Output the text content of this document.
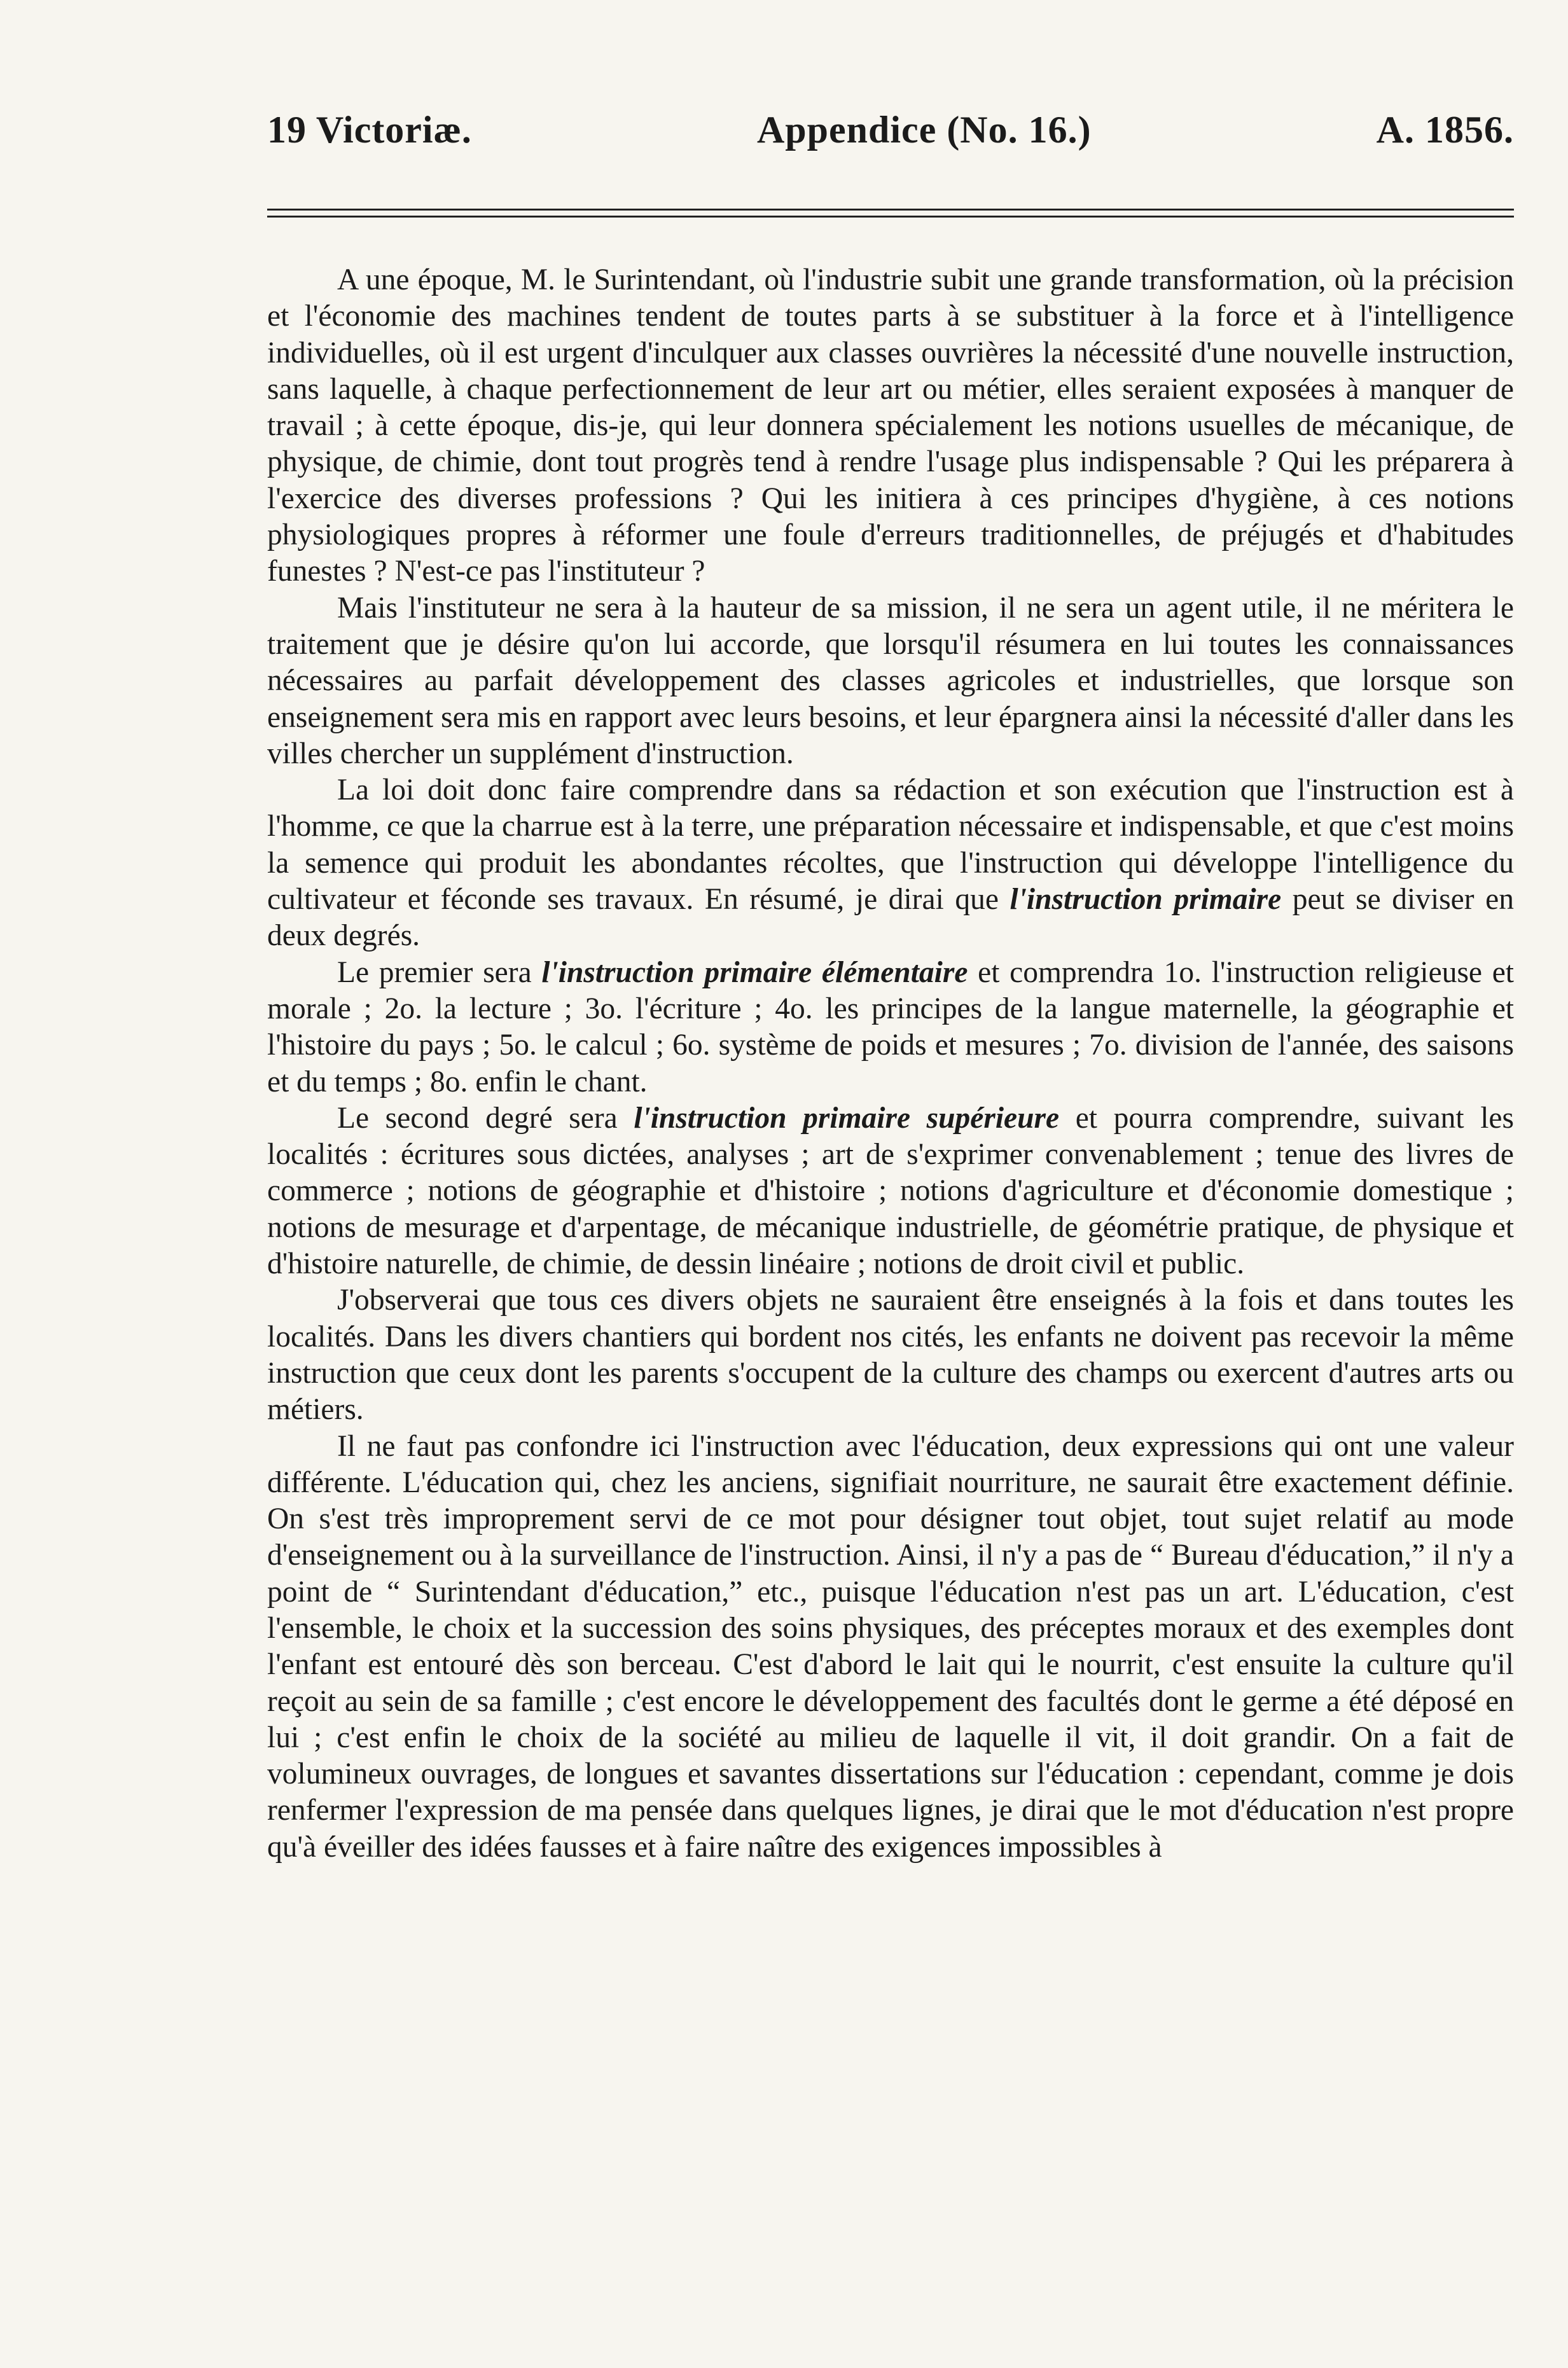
19 Victoriæ.	Appendice (No. 16.)	A. 1856.

A une époque, M. le Surintendant, où l'industrie subit une grande transformation, où la précision et l'économie des machines tendent de toutes parts à se substituer à la force et à l'intelligence individuelles, où il est urgent d'inculquer aux classes ouvrières la nécessité d'une nouvelle instruction, sans laquelle, à chaque perfectionnement de leur art ou métier, elles seraient exposées à manquer de travail ; à cette époque, dis-je, qui leur donnera spécialement les notions usuelles de mécanique, de physique, de chimie, dont tout progrès tend à rendre l'usage plus indispensable ? Qui les préparera à l'exercice des diverses professions ? Qui les initiera à ces principes d'hygiène, à ces notions physiologiques propres à réformer une foule d'erreurs traditionnelles, de préjugés et d'habitudes funestes ? N'est-ce pas l'instituteur ?

Mais l'instituteur ne sera à la hauteur de sa mission, il ne sera un agent utile, il ne méritera le traitement que je désire qu'on lui accorde, que lorsqu'il résumera en lui toutes les connaissances nécessaires au parfait développement des classes agricoles et industrielles, que lorsque son enseignement sera mis en rapport avec leurs besoins, et leur épargnera ainsi la nécessité d'aller dans les villes chercher un supplément d'instruction.

La loi doit donc faire comprendre dans sa rédaction et son exécution que l'instruction est à l'homme, ce que la charrue est à la terre, une préparation nécessaire et indispensable, et que c'est moins la semence qui produit les abondantes récoltes, que l'instruction qui développe l'intelligence du cultivateur et féconde ses travaux. En résumé, je dirai que l'instruction primaire peut se diviser en deux degrés.

Le premier sera l'instruction primaire élémentaire et comprendra 1o. l'instruction religieuse et morale ; 2o. la lecture ; 3o. l'écriture ; 4o. les principes de la langue maternelle, la géographie et l'histoire du pays ; 5o. le calcul ; 6o. système de poids et mesures ; 7o. division de l'année, des saisons et du temps ; 8o. enfin le chant.

Le second degré sera l'instruction primaire supérieure et pourra comprendre, suivant les localités : écritures sous dictées, analyses ; art de s'exprimer convenablement ; tenue des livres de commerce ; notions de géographie et d'histoire ; notions d'agriculture et d'économie domestique ; notions de mesurage et d'arpentage, de mécanique industrielle, de géométrie pratique, de physique et d'histoire naturelle, de chimie, de dessin linéaire ; notions de droit civil et public.

J'observerai que tous ces divers objets ne sauraient être enseignés à la fois et dans toutes les localités. Dans les divers chantiers qui bordent nos cités, les enfants ne doivent pas recevoir la même instruction que ceux dont les parents s'occupent de la culture des champs ou exercent d'autres arts ou métiers.

Il ne faut pas confondre ici l'instruction avec l'éducation, deux expressions qui ont une valeur différente. L'éducation qui, chez les anciens, signifiait nourriture, ne saurait être exactement définie. On s'est très improprement servi de ce mot pour désigner tout objet, tout sujet relatif au mode d'enseignement ou à la surveillance de l'instruction. Ainsi, il n'y a pas de “ Bureau d'éducation,” il n'y a point de “ Surintendant d'éducation,” etc., puisque l'éducation n'est pas un art. L'éducation, c'est l'ensemble, le choix et la succession des soins physiques, des préceptes moraux et des exemples dont l'enfant est entouré dès son berceau. C'est d'abord le lait qui le nourrit, c'est ensuite la culture qu'il reçoit au sein de sa famille ; c'est encore le développement des facultés dont le germe a été déposé en lui ; c'est enfin le choix de la société au milieu de laquelle il vit, il doit grandir. On a fait de volumineux ouvrages, de longues et savantes dissertations sur l'éducation : cependant, comme je dois renfermer l'expression de ma pensée dans quelques lignes, je dirai que le mot d'éducation n'est propre qu'à éveiller des idées fausses et à faire naître des exigences impossibles à
